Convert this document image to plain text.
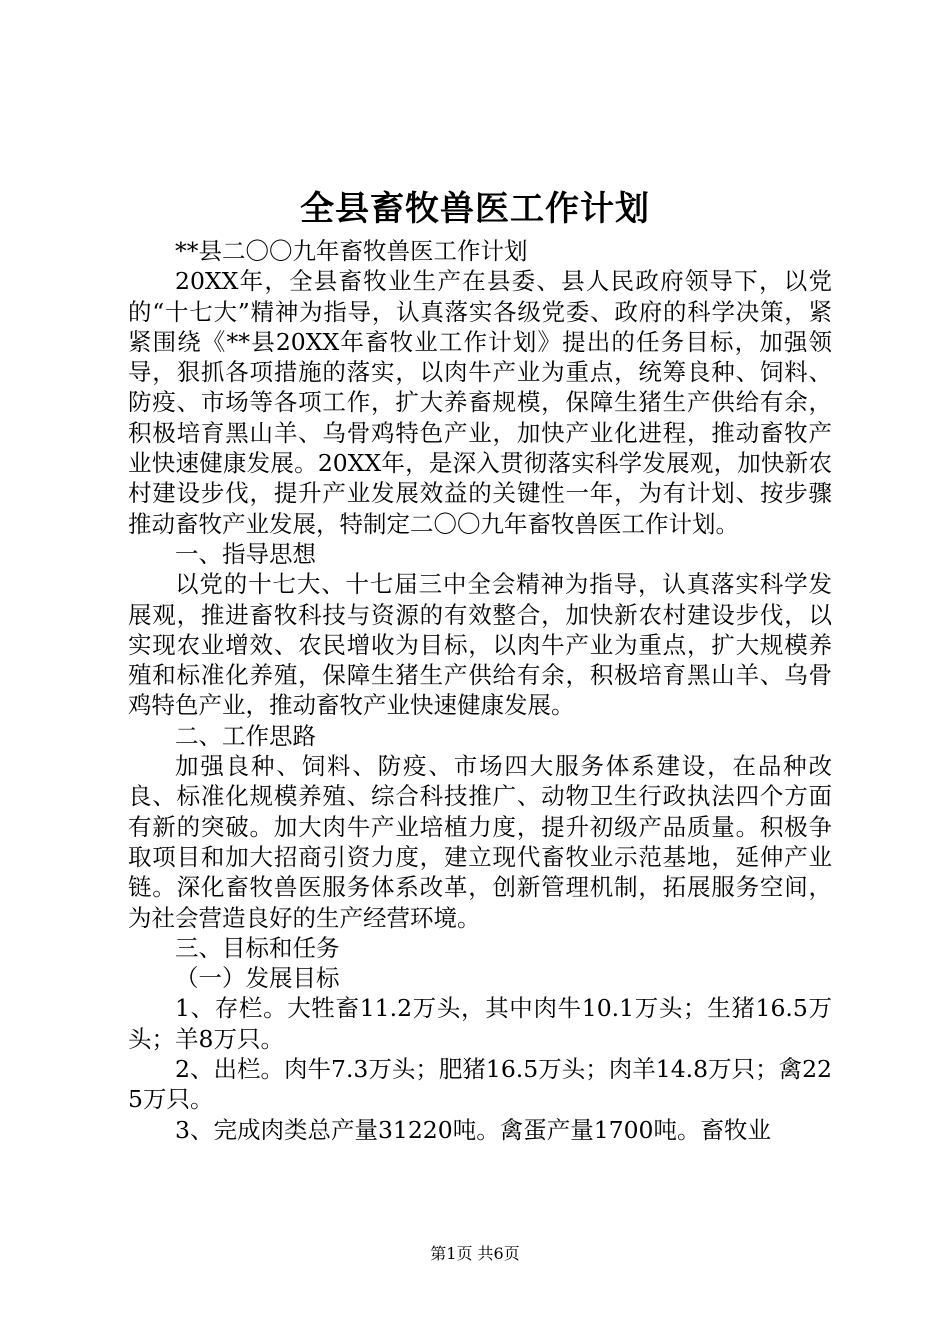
全县畜牧兽医工作计划

**县二〇〇九年畜牧兽医工作计划

20XX年，全县畜牧业生产在县委、县人民政府领导下，以党的“十七大”精神为指导，认真落实各级党委、政府的科学决策，紧紧围绕《**县20XX年畜牧业工作计划》提出的任务目标，加强领导，狠抓各项措施的落实，以肉牛产业为重点，统筹良种、饲料、防疫、市场等各项工作，扩大养畜规模，保障生猪生产供给有余，积极培育黑山羊、乌骨鸡特色产业，加快产业化进程，推动畜牧产业快速健康发展。20XX年，是深入贯彻落实科学发展观，加快新农村建设步伐，提升产业发展效益的关键性一年，为有计划、按步骤推动畜牧产业发展，特制定二〇〇九年畜牧兽医工作计划。

一、指导思想

以党的十七大、十七届三中全会精神为指导，认真落实科学发展观，推进畜牧科技与资源的有效整合，加快新农村建设步伐，以实现农业增效、农民增收为目标，以肉牛产业为重点，扩大规模养殖和标准化养殖，保障生猪生产供给有余，积极培育黑山羊、乌骨鸡特色产业，推动畜牧产业快速健康发展。

二、工作思路

加强良种、饲料、防疫、市场四大服务体系建设，在品种改良、标准化规模养殖、综合科技推广、动物卫生行政执法四个方面有新的突破。加大肉牛产业培植力度，提升初级产品质量。积极争取项目和加大招商引资力度，建立现代畜牧业示范基地，延伸产业链。深化畜牧兽医服务体系改革，创新管理机制，拓展服务空间，为社会营造良好的生产经营环境。

三、目标和任务

（一）发展目标

1、存栏。大牲畜11.2万头，其中肉牛10.1万头；生猪16.5万头；羊8万只。

2、出栏。肉牛7.3万头；肥猪16.5万头；肉羊14.8万只；禽225万只。

3、完成肉类总产量31220吨。禽蛋产量1700吨。畜牧业

第1页 共6页
